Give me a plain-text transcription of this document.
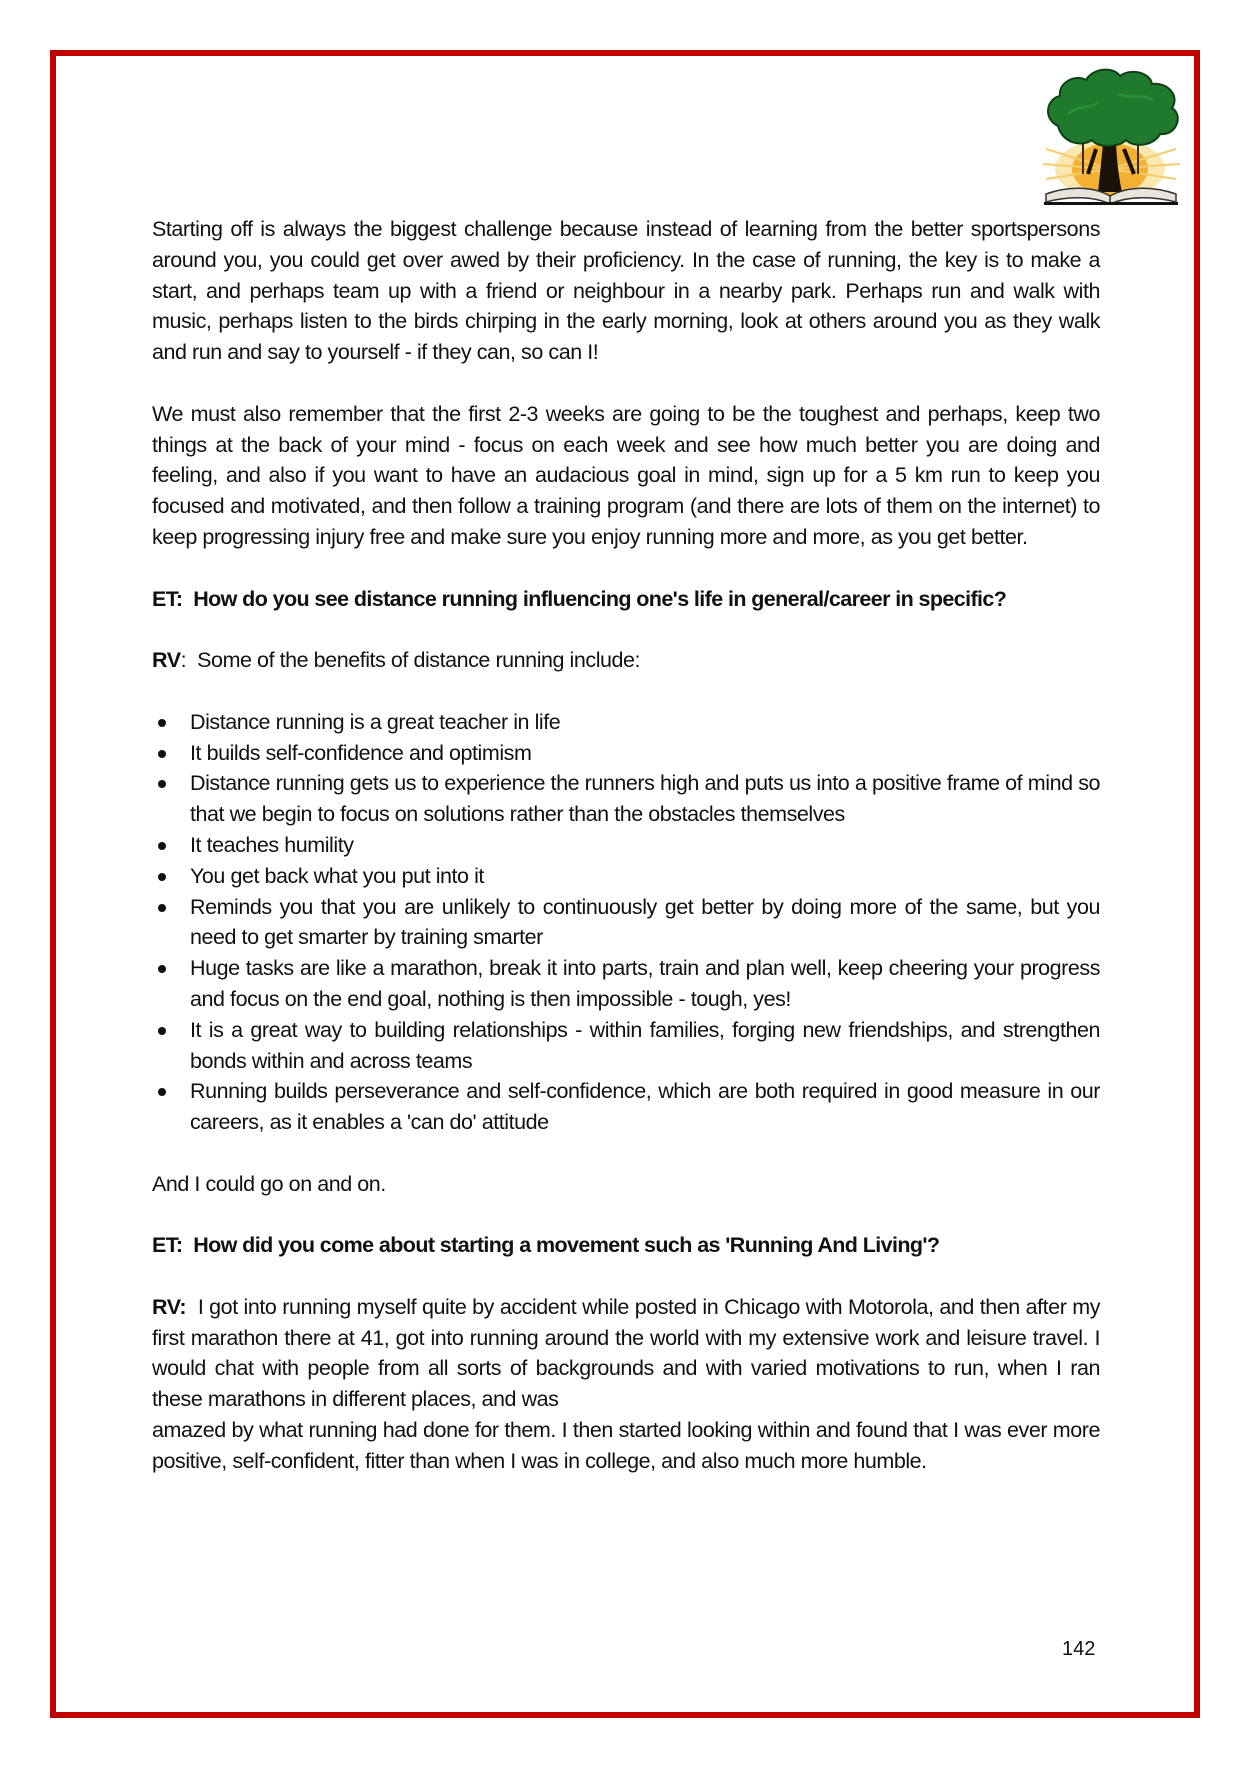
Starting off is always the biggest challenge because instead of learning from the better sportspersons around you, you could get over awed by their proficiency. In the case of running, the key is to make a start, and perhaps team up with a friend or neighbour in a nearby park. Perhaps run and walk with music, perhaps listen to the birds chirping in the early morning, look at others around you as they walk and run and say to yourself - if they can, so can I!

We must also remember that the first 2-3 weeks are going to be the toughest and perhaps, keep two things at the back of your mind - focus on each week and see how much better you are doing and feeling, and also if you want to have an audacious goal in mind, sign up for a 5 km run to keep you focused and motivated, and then follow a training program (and there are lots of them on the internet) to keep progressing injury free and make sure you enjoy running more and more, as you get better.

ET: How do you see distance running influencing one's life in general/career in specific?

RV: Some of the benefits of distance running include:

Distance running is a great teacher in life
It builds self-confidence and optimism
Distance running gets us to experience the runners high and puts us into a positive frame of mind so that we begin to focus on solutions rather than the obstacles themselves
It teaches humility
You get back what you put into it
Reminds you that you are unlikely to continuously get better by doing more of the same, but you need to get smarter by training smarter
Huge tasks are like a marathon, break it into parts, train and plan well, keep cheering your progress and focus on the end goal, nothing is then impossible - tough, yes!
It is a great way to building relationships - within families, forging new friendships, and strengthen bonds within and across teams
Running builds perseverance and self-confidence, which are both required in good measure in our careers, as it enables a 'can do' attitude

And I could go on and on.

ET: How did you come about starting a movement such as 'Running And Living'?

RV: I got into running myself quite by accident while posted in Chicago with Motorola, and then after my first marathon there at 41, got into running around the world with my extensive work and leisure travel. I would chat with people from all sorts of backgrounds and with varied motivations to run, when I ran these marathons in different places, and was

amazed by what running had done for them. I then started looking within and found that I was ever more positive, self-confident, fitter than when I was in college, and also much more humble.

142
